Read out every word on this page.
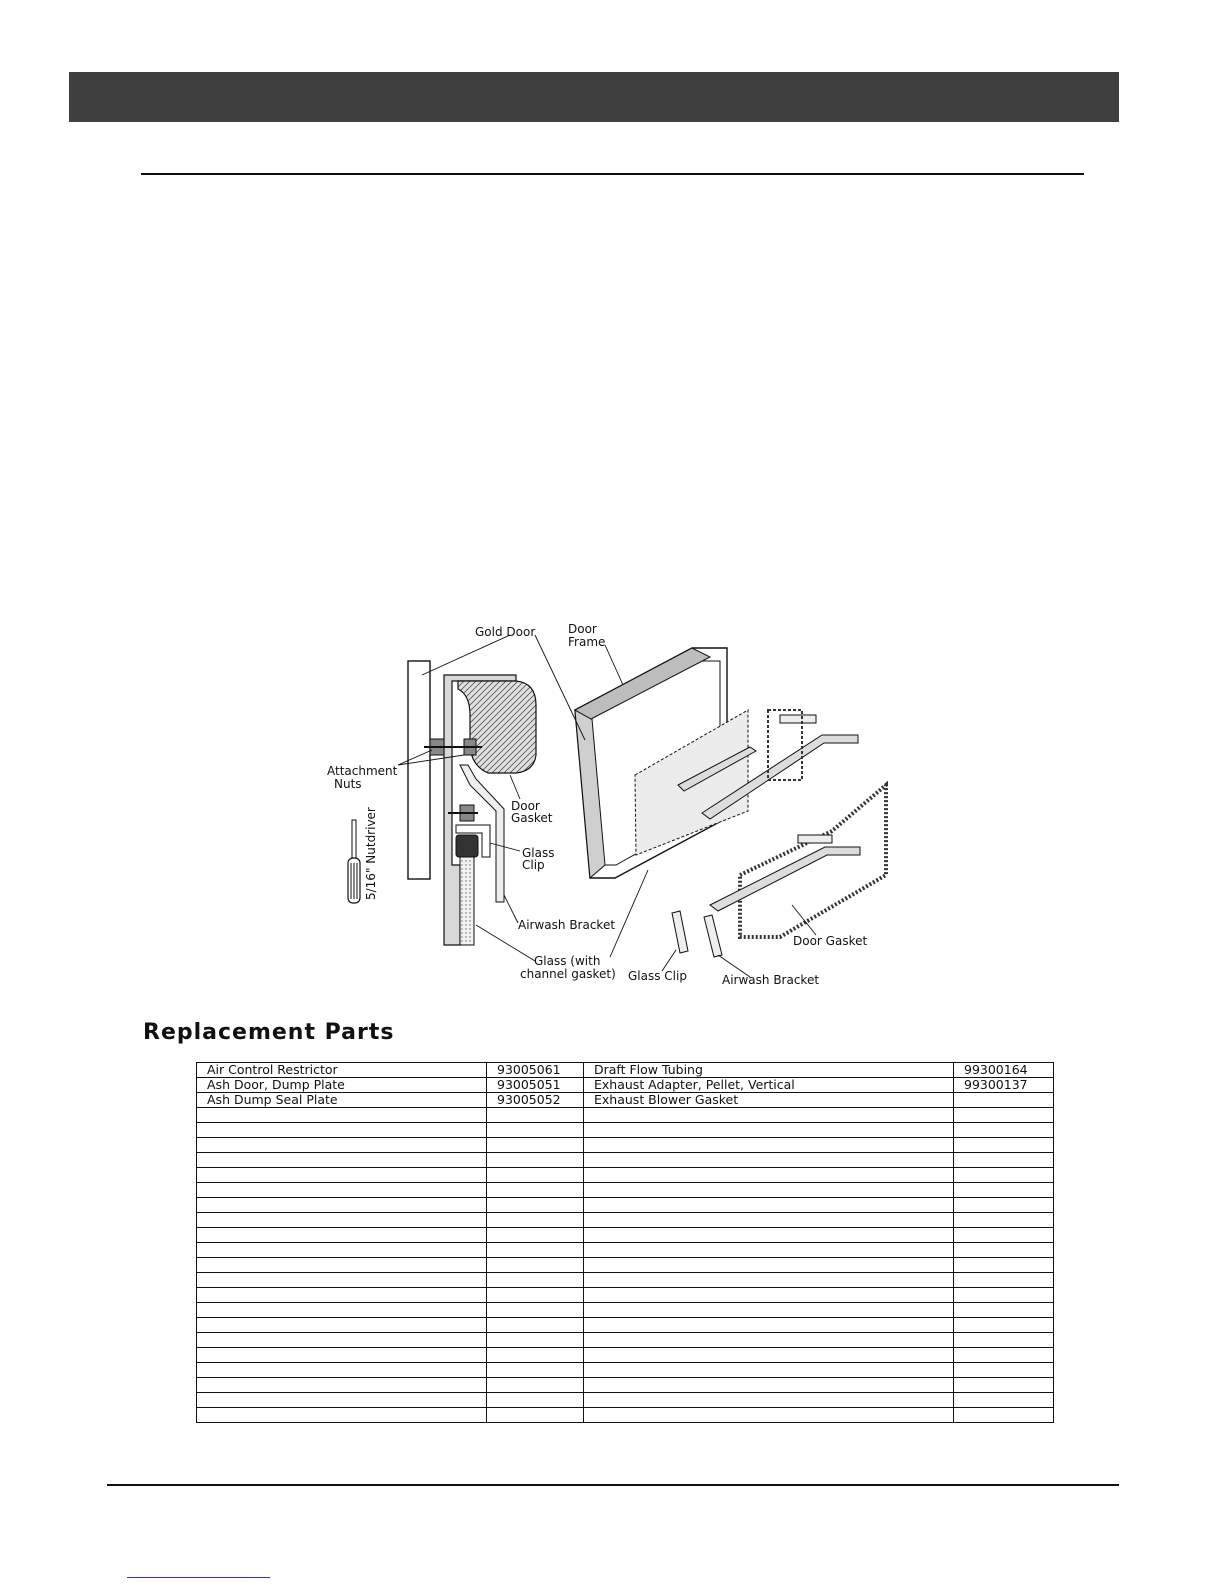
Gold Door	Door
Frame
Attachment
Nuts
5/16" Nutdriver
Door
Gasket
Glass
Clip
Airwash Bracket
Glass (with
channel gasket) Glass Clip	Airwash Bracket
Door Gasket
Replacement Parts
Air Control Restrictor	93005061	Draft Flow Tubing	99300164
Ash Door, Dump Plate	93005051	Exhaust Adapter, Pellet, Vertical	99300137
Ash Dump Seal Plate	93005052	Exhaust Blower Gasket	
